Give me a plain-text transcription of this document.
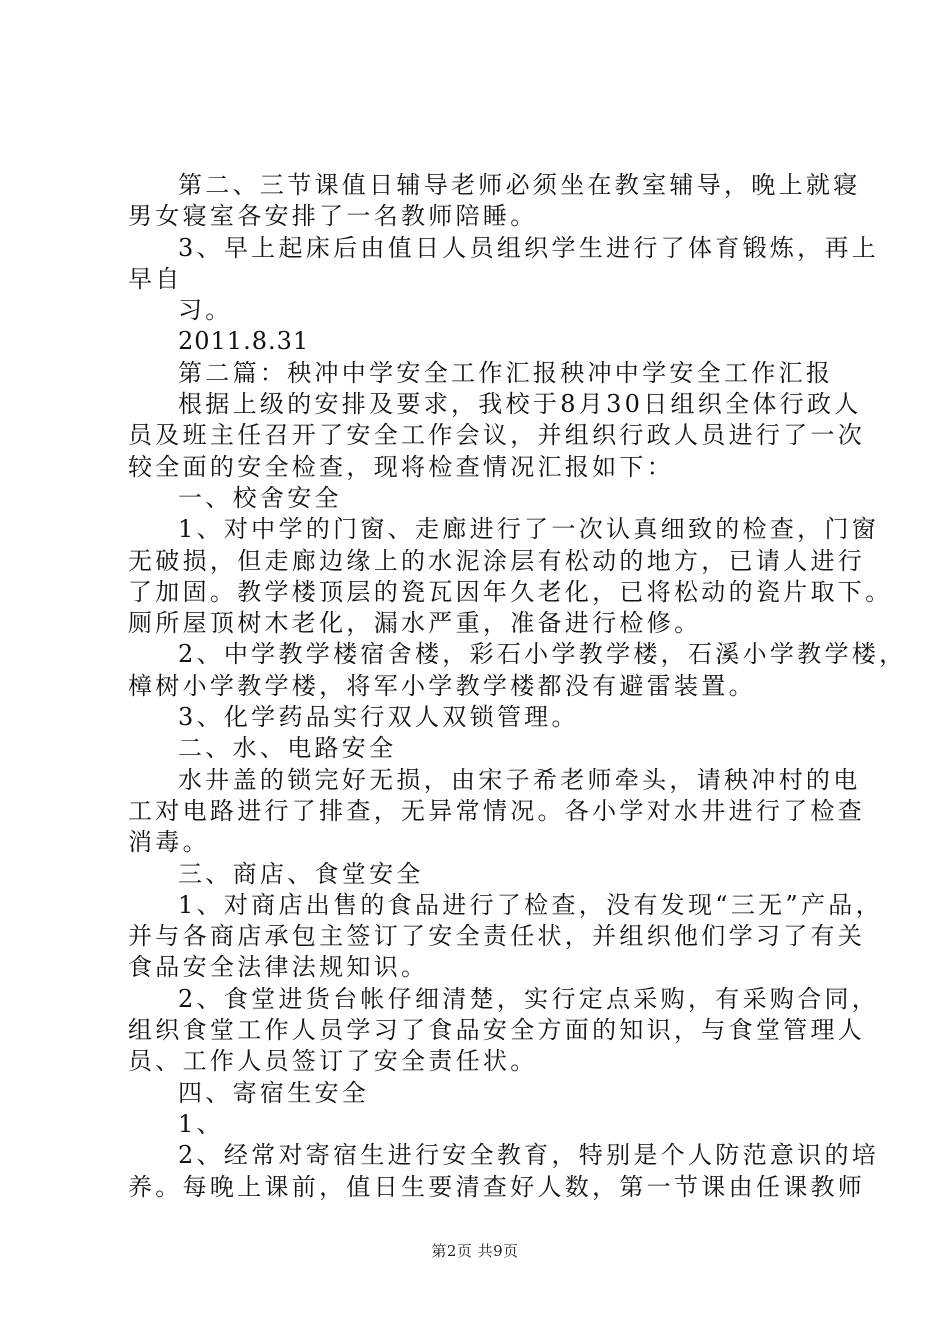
第二、三节课值日辅导老师必须坐在教室辅导，晚上就寝
男女寝室各安排了一名教师陪睡。
3、早上起床后由值日人员组织学生进行了体育锻炼，再上
早自
习。
2011.8.31
第二篇：秧冲中学安全工作汇报秧冲中学安全工作汇报
根据上级的安排及要求，我校于8月30日组织全体行政人
员及班主任召开了安全工作会议，并组织行政人员进行了一次
较全面的安全检查，现将检查情况汇报如下：
一、校舍安全
1、对中学的门窗、走廊进行了一次认真细致的检查，门窗
无破损，但走廊边缘上的水泥涂层有松动的地方，已请人进行
了加固。教学楼顶层的瓷瓦因年久老化，已将松动的瓷片取下。
厕所屋顶树木老化，漏水严重，准备进行检修。
2、中学教学楼宿舍楼，彩石小学教学楼，石溪小学教学楼，
樟树小学教学楼，将军小学教学楼都没有避雷装置。
3、化学药品实行双人双锁管理。
二、水、电路安全
水井盖的锁完好无损，由宋子希老师牵头，请秧冲村的电
工对电路进行了排查，无异常情况。各小学对水井进行了检查
消毒。
三、商店、食堂安全
1、对商店出售的食品进行了检查，没有发现“三无”产品，
并与各商店承包主签订了安全责任状，并组织他们学习了有关
食品安全法律法规知识。
2、食堂进货台帐仔细清楚，实行定点采购，有采购合同，
组织食堂工作人员学习了食品安全方面的知识，与食堂管理人
员、工作人员签订了安全责任状。
四、寄宿生安全
1、
2、经常对寄宿生进行安全教育，特别是个人防范意识的培
养。每晚上课前，值日生要清查好人数，第一节课由任课教师
第2页 共9页
